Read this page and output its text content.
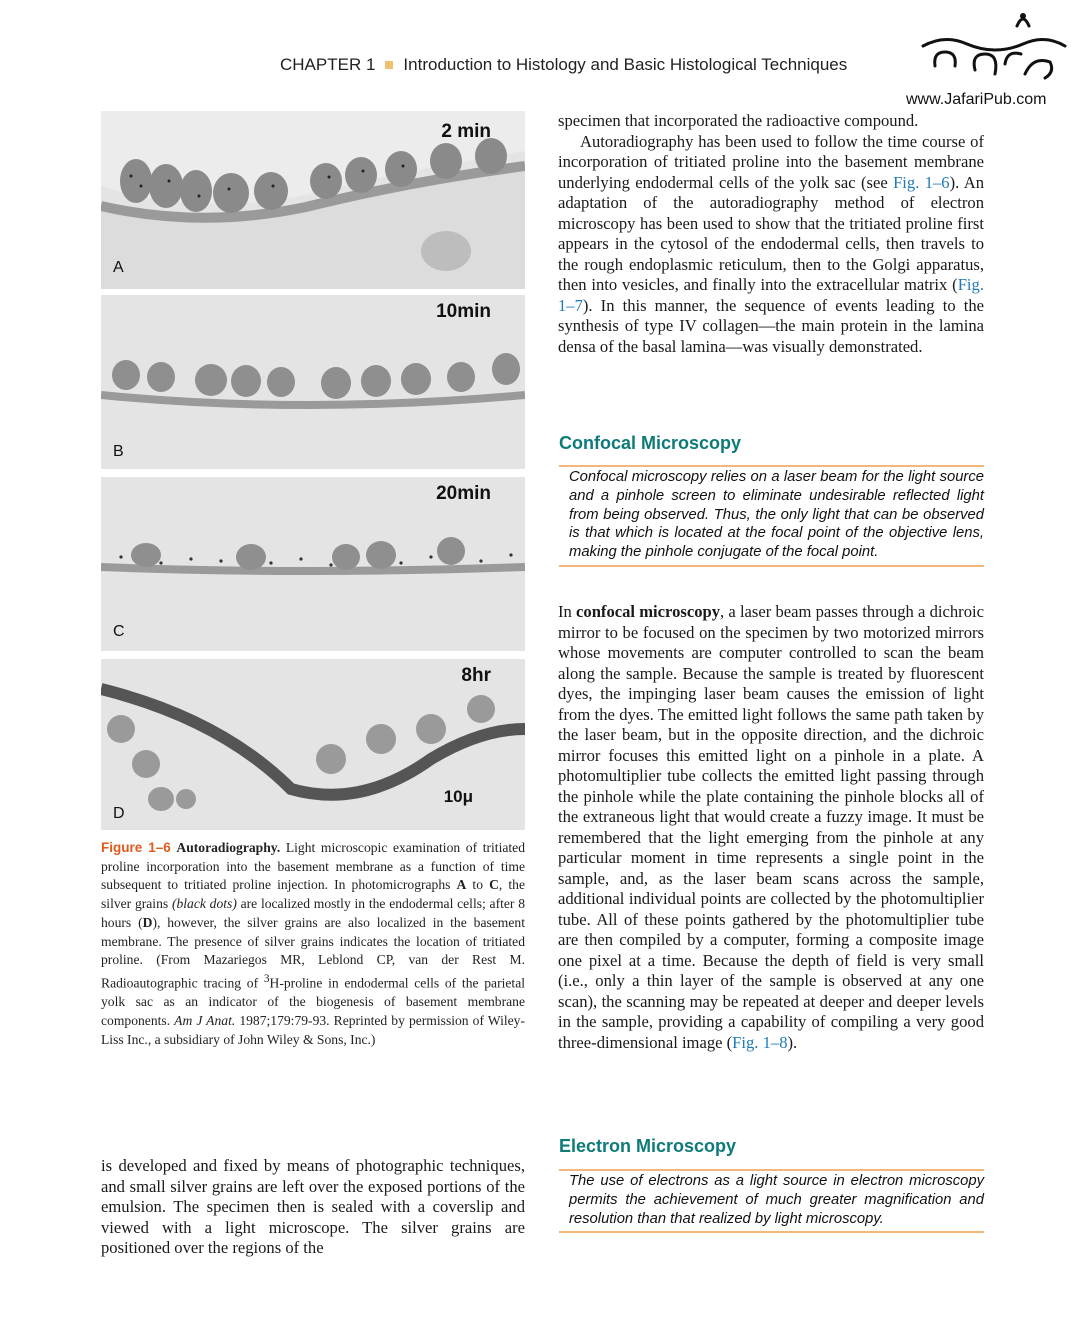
CHAPTER 1 Introduction to Histology and Basic Histological Techniques
www.JafariPub.com
2 min
A
10min
B
20min
C
8hr
10μ
D
Figure 1–6 Autoradiography. Light microscopic examination of tritiated proline incorporation into the basement membrane as a function of time subsequent to tritiated proline injection. In photomicrographs A to C, the silver grains (black dots) are localized mostly in the endodermal cells; after 8 hours (D), however, the silver grains are also localized in the basement membrane. The presence of silver grains indicates the location of tritiated proline. (From Mazariegos MR, Leblond CP, van der Rest M. Radioautographic tracing of $^3$H-proline in endodermal cells of the parietal yolk sac as an indicator of the biogenesis of basement membrane components. Am J Anat. 1987;179:79-93. Reprinted by permission of Wiley-Liss Inc., a subsidiary of John Wiley & Sons, Inc.)
is developed and fixed by means of photographic techniques, and small silver grains are left over the exposed portions of the emulsion. The specimen then is sealed with a coverslip and viewed with a light microscope. The silver grains are positioned over the regions of the

specimen that incorporated the radioactive compound.

Autoradiography has been used to follow the time course of incorporation of tritiated proline into the basement membrane underlying endodermal cells of the yolk sac (see Fig. 1–6). An adaptation of the autoradiography method of electron microscopy has been used to show that the tritiated proline first appears in the cytosol of the endodermal cells, then travels to the rough endoplasmic reticulum, then to the Golgi apparatus, then into vesicles, and finally into the extracellular matrix (Fig. 1–7). In this manner, the sequence of events leading to the synthesis of type IV collagen—the main protein in the lamina densa of the basal lamina—was visually demonstrated.

Confocal Microscopy
Confocal microscopy relies on a laser beam for the light source and a pinhole screen to eliminate undesirable reflected light from being observed. Thus, the only light that can be observed is that which is located at the focal point of the objective lens, making the pinhole conjugate of the focal point.

In confocal microscopy, a laser beam passes through a dichroic mirror to be focused on the specimen by two motorized mirrors whose movements are computer controlled to scan the beam along the sample. Because the sample is treated by fluorescent dyes, the impinging laser beam causes the emission of light from the dyes. The emitted light follows the same path taken by the laser beam, but in the opposite direction, and the dichroic mirror focuses this emitted light on a pinhole in a plate. A photomultiplier tube collects the emitted light passing through the pinhole while the plate containing the pinhole blocks all of the extraneous light that would create a fuzzy image. It must be remembered that the light emerging from the pinhole at any particular moment in time represents a single point in the sample, and, as the laser beam scans across the sample, additional individual points are collected by the photomultiplier tube. All of these points gathered by the photomultiplier tube are then compiled by a computer, forming a composite image one pixel at a time. Because the depth of field is very small (i.e., only a thin layer of the sample is observed at any one scan), the scanning may be repeated at deeper and deeper levels in the sample, providing a capability of compiling a very good three-dimensional image (Fig. 1–8).

Electron Microscopy
The use of electrons as a light source in electron microscopy permits the achievement of much greater magnification and resolution than that realized by light microscopy.
